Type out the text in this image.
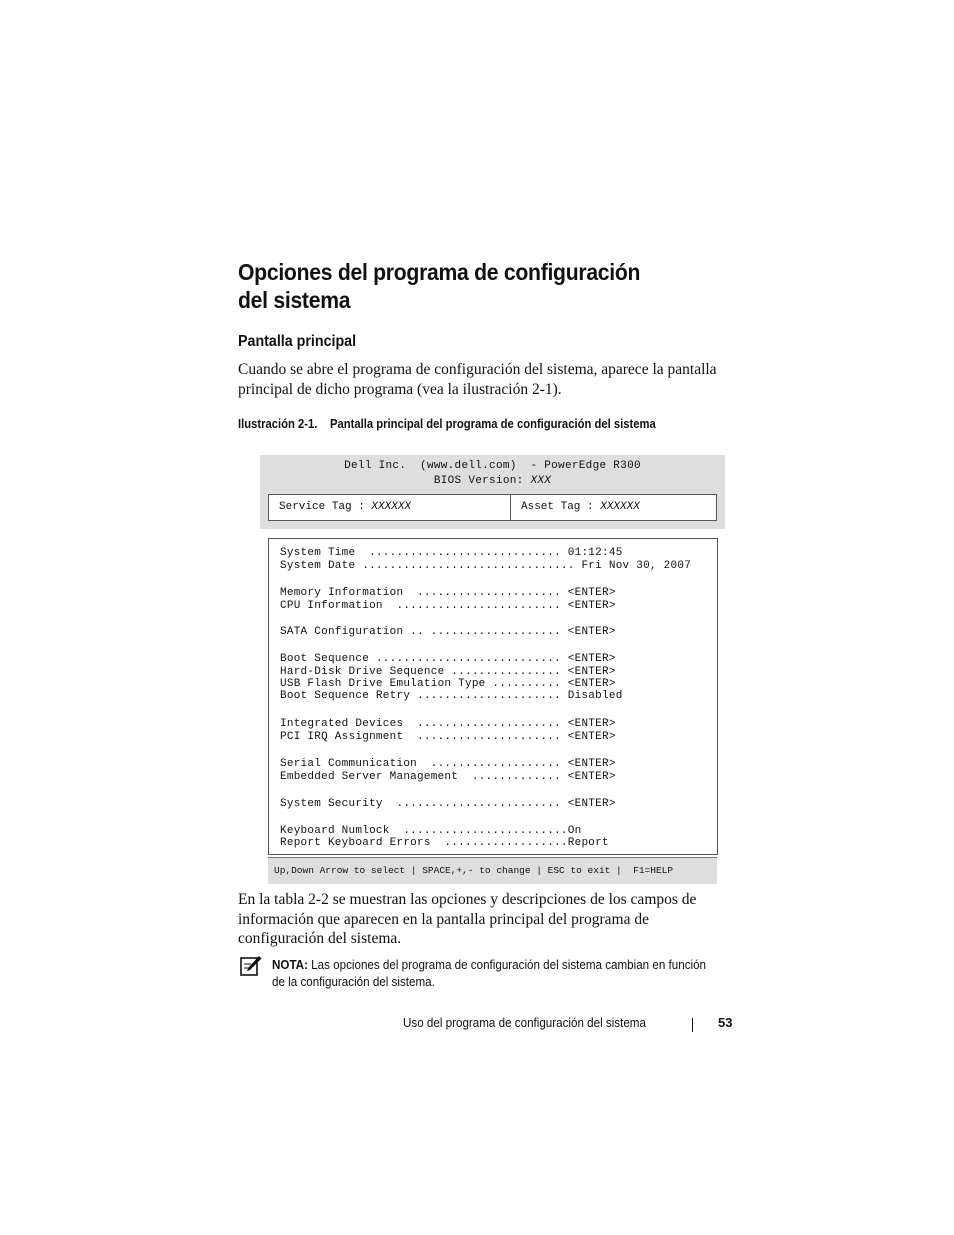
Opciones del programa de configuración
del sistema
Pantalla principal
Cuando se abre el programa de configuración del sistema, aparece la pantalla principal de dicho programa (vea la ilustración 2-1).
Ilustración 2-1. Pantalla principal del programa de configuración del sistema
Dell Inc.  (www.dell.com)  - PowerEdge R300
BIOS Version: XXX
Service Tag : XXXXXX	Asset Tag : XXXXXX
System Time  ............................ 01:12:45
System Date ............................... Fri Nov 30, 2007
Memory Information  ..................... <ENTER>
CPU Information  ........................ <ENTER>
SATA Configuration .. ................... <ENTER>
Boot Sequence ........................... <ENTER>
Hard-Disk Drive Sequence ................ <ENTER>
USB Flash Drive Emulation Type .......... <ENTER>
Boot Sequence Retry ..................... Disabled
Integrated Devices  ..................... <ENTER>
PCI IRQ Assignment  ..................... <ENTER>
Serial Communication  ................... <ENTER>
Embedded Server Management  ............. <ENTER>
System Security  ........................ <ENTER>
Keyboard Numlock  ........................On
Report Keyboard Errors  ..................Report
Up,Down Arrow to select | SPACE,+,- to change | ESC to exit |  F1=HELP
En la tabla 2-2 se muestran las opciones y descripciones de los campos de información que aparecen en la pantalla principal del programa de configuración del sistema.
NOTA: Las opciones del programa de configuración del sistema cambian en función de la configuración del sistema.
Uso del programa de configuración del sistema	53
